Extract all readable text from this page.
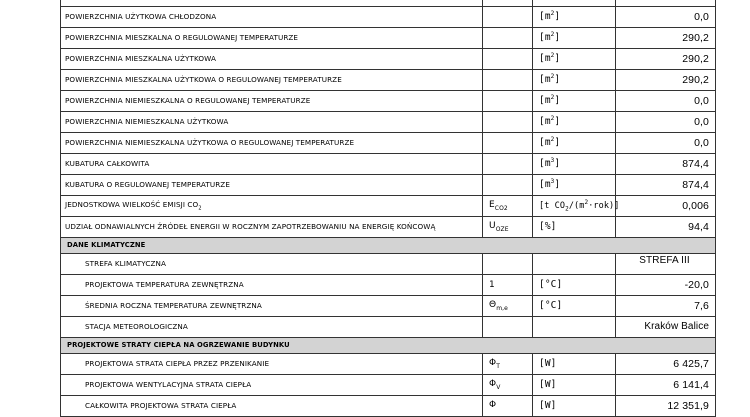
POWIERZCHNIA UŻYTKOWA CHŁODZONA		$[m^2]$	0,0
POWIERZCHNIA MIESZKALNA O REGULOWANEJ TEMPERATURZE		$[m^2]$	290,2
POWIERZCHNIA MIESZKALNA UŻYTKOWA		$[m^2]$	290,2
POWIERZCHNIA MIESZKALNA UŻYTKOWA O REGULOWANEJ TEMPERATURZE		$[m^2]$	290,2
POWIERZCHNIA NIEMIESZKALNA O REGULOWANEJ TEMPERATURZE		$[m^2]$	0,0
POWIERZCHNIA NIEMIESZKALNA UŻYTKOWA		$[m^2]$	0,0
POWIERZCHNIA NIEMIESZKALNA UŻYTKOWA O REGULOWANEJ TEMPERATURZE		$[m^2]$	0,0
KUBATURA CAŁKOWITA		$[m^3]$	874,4
KUBATURA O REGULOWANEJ TEMPERATURZE		$[m^3]$	874,4
JEDNOSTKOWA WIELKOŚĆ EMISJI $CO_2$	$E_{CO2}$	[t $CO_2/(m^2\cdot rok)$]	0,006
UDZIAŁ ODNAWIALNYCH ŹRÓDEŁ ENERGII W ROCZNYM ZAPOTRZEBOWANIU NA ENERGIĘ KOŃCOWĄ	$U_{OZE}$	[%]	94,4
DANE KLIMATYCZNE			
STREFA KLIMATYCZNA			STREFA III
PROJEKTOWA TEMPERATURA ZEWNĘTRZNA	1	[°C]	-20,0
ŚREDNIA ROCZNA TEMPERATURA ZEWNĘTRZNA	$\Theta_{m,e}$	[°C]	7,6
STACJA METEOROLOGICZNA			Kraków Balice
PROJEKTOWE STRATY CIEPŁA NA OGRZEWANIE BUDYNKU			
PROJEKTOWA STRATA CIEPŁA PRZEZ PRZENIKANIE	$\Phi_T$	[W]	6 425,7
PROJEKTOWA WENTYLACYJNA STRATA CIEPŁA	$\Phi_V$	[W]	6 141,4
CAŁKOWITA PROJEKTOWA STRATA CIEPŁA	Φ	[W]	12 351,9
